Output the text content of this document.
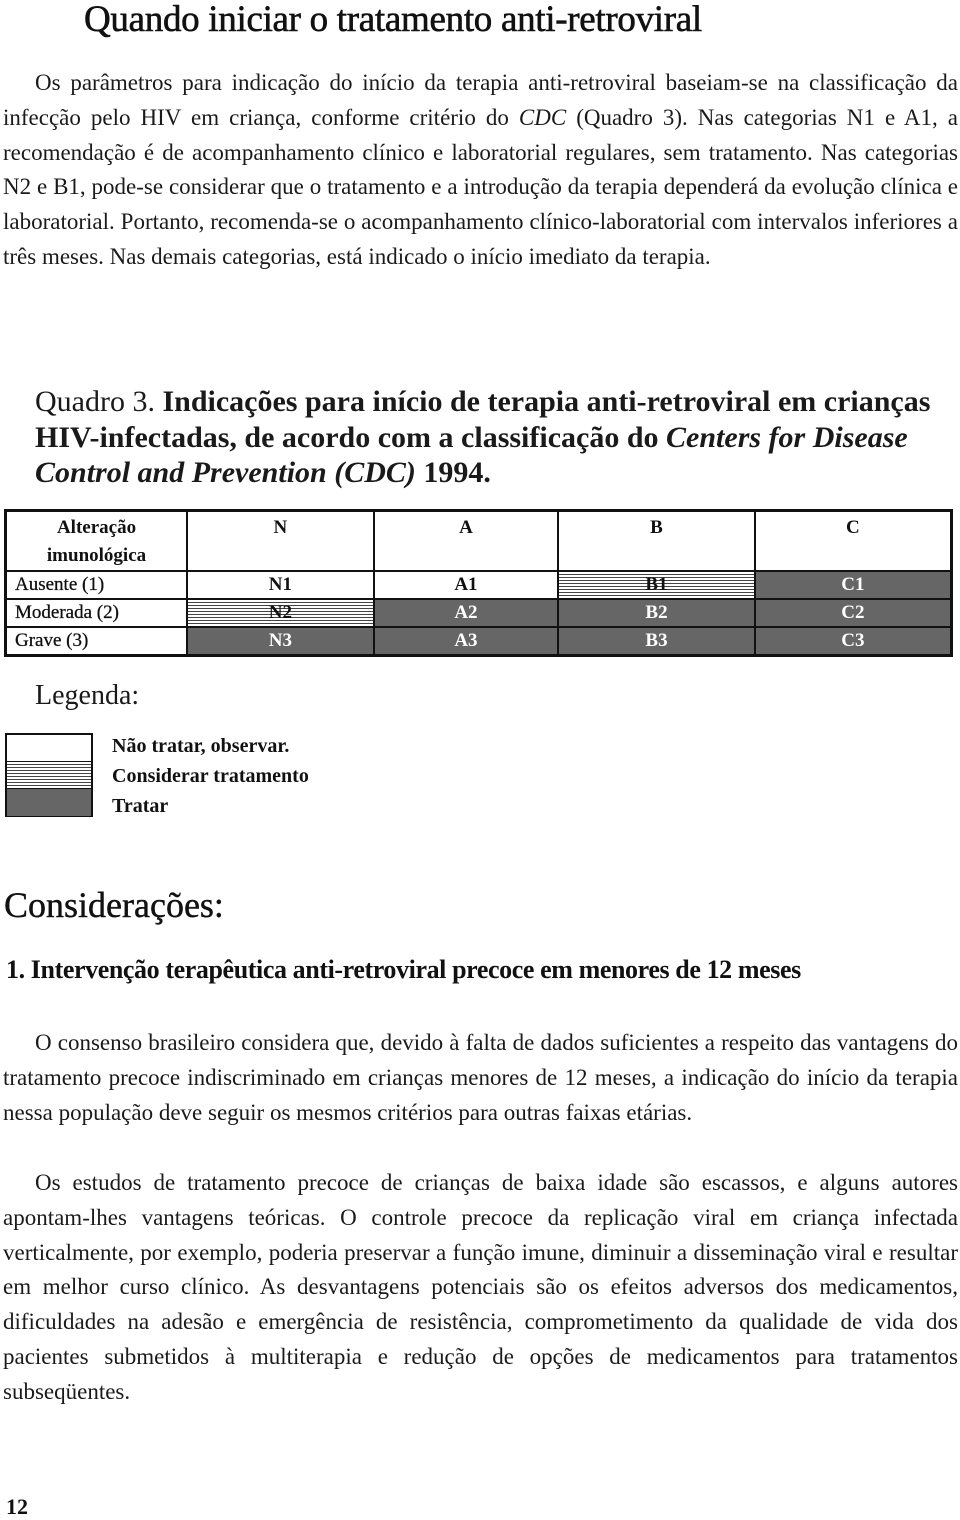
Quando iniciar o tratamento anti-retroviral

Os parâmetros para indicação do início da terapia anti-retroviral baseiam-se na classificação da infecção pelo HIV em criança, conforme critério do CDC (Quadro 3). Nas categorias N1 e A1, a recomendação é de acompanhamento clínico e laboratorial regulares, sem tratamento. Nas categorias N2 e B1, pode-se considerar que o tratamento e a introdução da terapia dependerá da evolução clínica e laboratorial. Portanto, recomenda-se o acompanhamento clínico-laboratorial com intervalos inferiores a três meses. Nas demais categorias, está indicado o início imediato da terapia.

Quadro 3. Indicações para início de terapia anti-retroviral em crianças HIV-infectadas, de acordo com a classificação do Centers for Disease Control and Prevention (CDC) 1994.

Alteração imunológica	N	A	B	C
Ausente (1)	N1	A1	B1	C1
Moderada (2)	N2	A2	B2	C2
Grave (3)	N3	A3	B3	C3

Legenda:

Não tratar, observar.

Considerar tratamento

Tratar

Considerações:
1. Intervenção terapêutica anti-retroviral precoce em menores de 12 meses

O consenso brasileiro considera que, devido à falta de dados suficientes a respeito das vantagens do tratamento precoce indiscriminado em crianças menores de 12 meses, a indicação do início da terapia nessa população deve seguir os mesmos critérios para outras faixas etárias.

Os estudos de tratamento precoce de crianças de baixa idade são escassos, e alguns autores apontam-lhes vantagens teóricas. O controle precoce da replicação viral em criança infectada verticalmente, por exemplo, poderia preservar a função imune, diminuir a disseminação viral e resultar em melhor curso clínico. As desvantagens potenciais são os efeitos adversos dos medicamentos, dificuldades na adesão e emergência de resistência, comprometimento da qualidade de vida dos pacientes submetidos à multiterapia e redução de opções de medicamentos para tratamentos subseqüentes.

12
